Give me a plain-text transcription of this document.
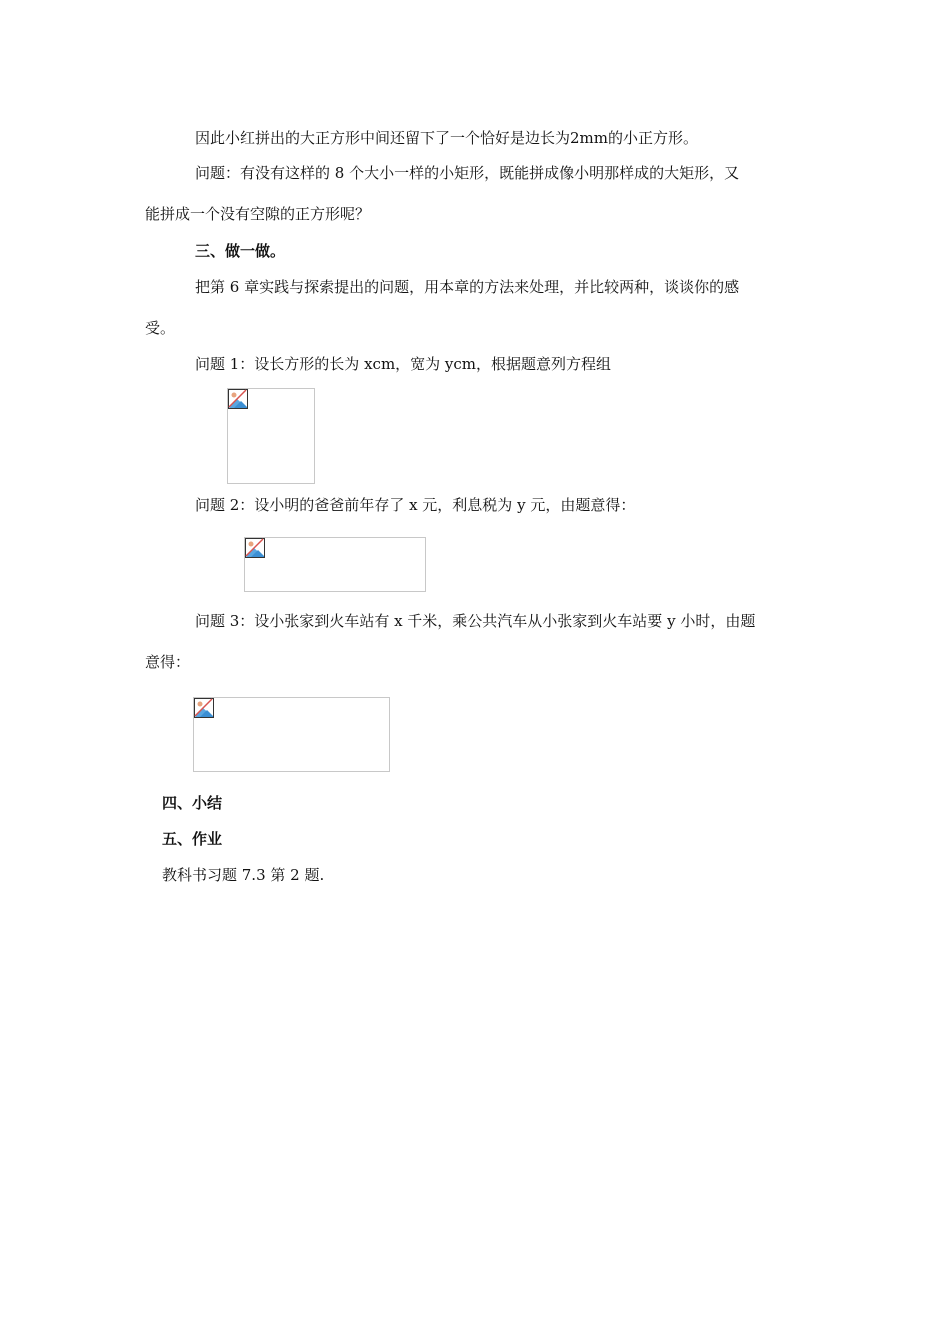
因此小红拼出的大正方形中间还留下了一个恰好是边长为2mm的小正方形。
问题：有没有这样的 8 个大小一样的小矩形，既能拼成像小明那样成的大矩形，又
能拼成一个没有空隙的正方形呢？
三、做一做。
把第 6 章实践与探索提出的问题，用本章的方法来处理，并比较两种，谈谈你的感
受。
问题 1：设长方形的长为 xcm，宽为 ycm，根据题意列方程组
问题 2：设小明的爸爸前年存了 x 元，利息税为 y 元，由题意得：
问题 3：设小张家到火车站有 x 千米，乘公共汽车从小张家到火车站要 y 小时，由题
意得：
四、小结
五、作业
教科书习题 7.3 第 2 题.
